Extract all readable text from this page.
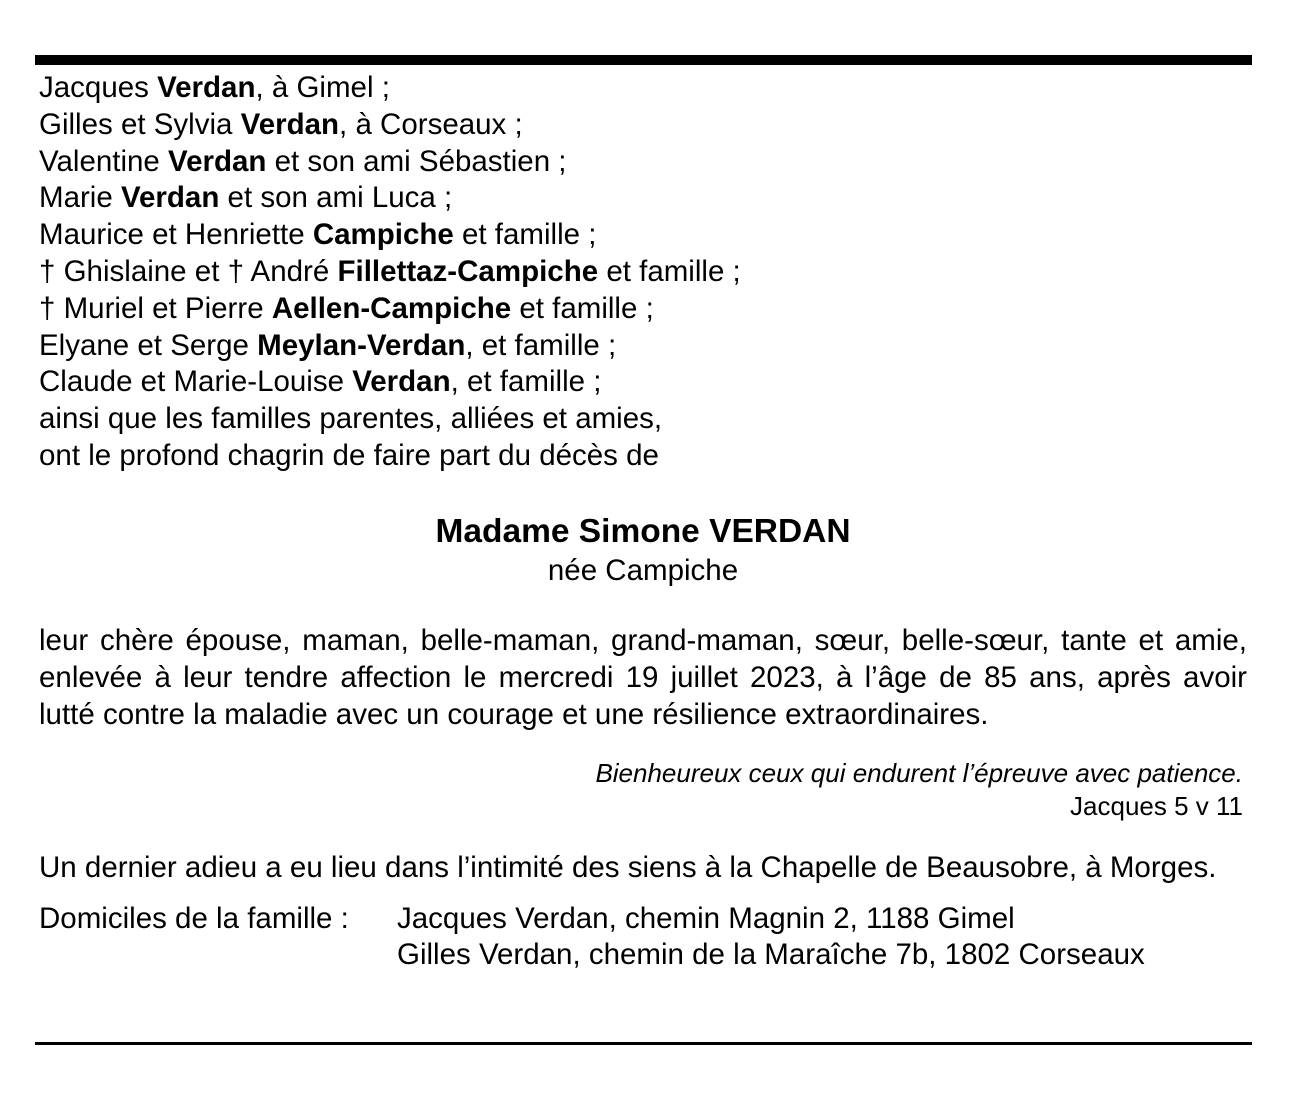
Jacques Verdan, à Gimel ;
Gilles et Sylvia Verdan, à Corseaux ;
Valentine Verdan et son ami Sébastien ;
Marie Verdan et son ami Luca ;
Maurice et Henriette Campiche et famille ;
† Ghislaine et † André Fillettaz-Campiche et famille ;
† Muriel et Pierre Aellen-Campiche et famille ;
Elyane et Serge Meylan-Verdan, et famille ;
Claude et Marie-Louise Verdan, et famille ;
ainsi que les familles parentes, alliées et amies,
ont le profond chagrin de faire part du décès de
Madame Simone VERDAN
née Campiche
leur chère épouse, maman, belle-maman, grand-maman, sœur, belle-sœur, tante et amie, enlevée à leur tendre affection le mercredi 19 juillet 2023, à l’âge de 85 ans, après avoir lutté contre la maladie avec un courage et une résilience extraordinaires.
Bienheureux ceux qui endurent l’épreuve avec patience.
Jacques 5 v 11
Un dernier adieu a eu lieu dans l’intimité des siens à la Chapelle de Beausobre, à Morges.
Domiciles de la famille :	Jacques Verdan, chemin Magnin 2, 1188 Gimel
Gilles Verdan, chemin de la Maraîche 7b, 1802 Corseaux
